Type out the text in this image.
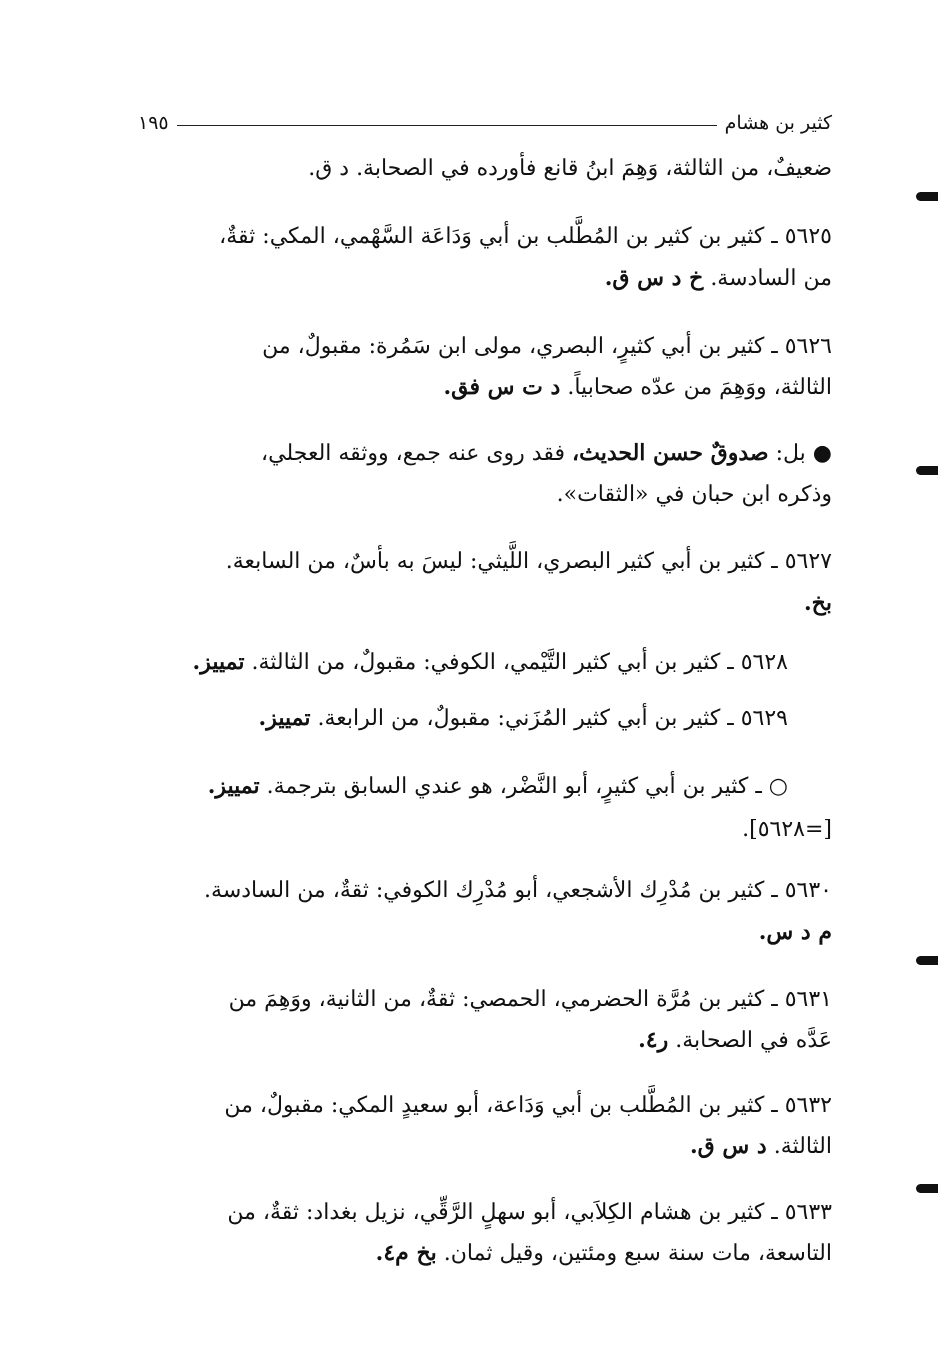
كثير بن هشام
١٩٥
ضعيفٌ، من الثالثة، وَهِمَ ابنُ قانع فأورده في الصحابة. د ق.
٥٦٢٥ ـ كثير بن كثير بن المُطَّلب بن أبي وَدَاعَة السَّهْمي، المكي: ثقةٌ،
من السادسة. خ د س ق.
٥٦٢٦ ـ كثير بن أبي كثيرٍ، البصري، مولى ابن سَمُرة: مقبولٌ، من
الثالثة، ووَهِمَ من عدّه صحابياً. د ت س فق.
● بل: صدوقٌ حسن الحديث، فقد روى عنه جمع، ووثقه العجلي،
وذكره ابن حبان في «الثقات».
٥٦٢٧ ـ كثير بن أبي كثير البصري، اللَّيثي: ليسَ به بأسٌ، من السابعة.
بخ.
٥٦٢٨ ـ كثير بن أبي كثير التَّيْمي، الكوفي: مقبولٌ، من الثالثة. تمييز.
٥٦٢٩ ـ كثير بن أبي كثير المُزَني: مقبولٌ، من الرابعة. تمييز.
○ ـ كثير بن أبي كثيرٍ، أبو النَّضْر، هو عندي السابق بترجمة. تمييز.
[=٥٦٢٨].
٥٦٣٠ ـ كثير بن مُدْرِك الأشجعي، أبو مُدْرِك الكوفي: ثقةٌ، من السادسة.
م د س.
٥٦٣١ ـ كثير بن مُرَّة الحضرمي، الحمصي: ثقةٌ، من الثانية، ووَهِمَ من
عَدَّه في الصحابة. ر٤.
٥٦٣٢ ـ كثير بن المُطَّلب بن أبي وَدَاعة، أبو سعيدٍ المكي: مقبولٌ، من
الثالثة. د س ق.
٥٦٣٣ ـ كثير بن هشام الكِلاَبي، أبو سهلٍ الرَّقِّي، نزيل بغداد: ثقةٌ، من
التاسعة، مات سنة سبع ومئتين، وقيل ثمان. بخ م٤.
